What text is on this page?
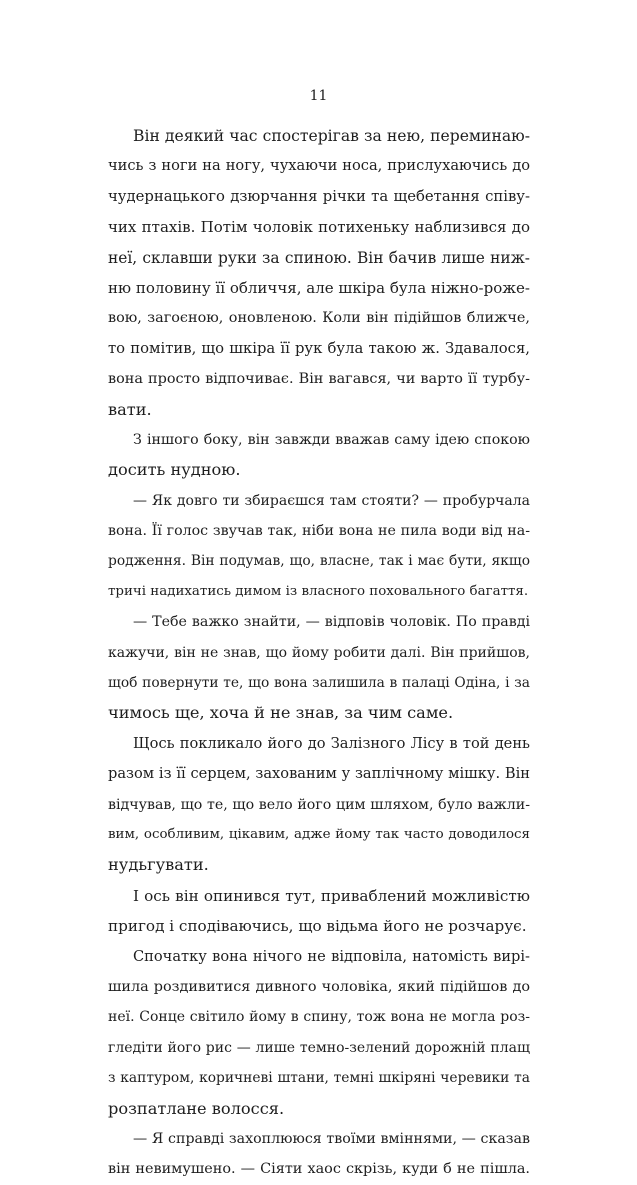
11
Він деякий час спостерігав за нею, переминаю-
чись з ноги на ногу, чухаючи носа, прислухаючись до
чудернацького дзюрчання річки та щебетання співу-
чих птахів. Потім чоловік потихеньку наблизився до
неї, склавши руки за спиною. Він бачив лише ниж-
ню половину її обличчя, але шкіра була ніжно-роже-
вою, загоєною, оновленою. Коли він підійшов ближче,
то помітив, що шкіра її рук була такою ж. Здавалося,
вона просто відпочиває. Він вагався, чи варто її турбу-
вати.
З іншого боку, він завжди вважав саму ідею спокою
досить нудною.
— Як довго ти збираєшся там стояти? — пробурчала
вона. Її голос звучав так, ніби вона не пила води від на-
родження. Він подумав, що, власне, так і має бути, якщо
тричі надихатись димом із власного поховального багаття.
— Тебе важко знайти, — відповів чоловік. По правді
кажучи, він не знав, що йому робити далі. Він прийшов,
щоб повернути те, що вона залишила в палаці Одіна, і за
чимось ще, хоча й не знав, за чим саме.
Щось покликало його до Залізного Лісу в той день
разом із її серцем, захованим у заплічному мішку. Він
відчував, що те, що вело його цим шляхом, було важли-
вим, особливим, цікавим, адже йому так часто доводилося
нудьгувати.
І ось він опинився тут, приваблений можливістю
пригод і сподіваючись, що відьма його не розчарує.
Спочатку вона нічого не відповіла, натомість вирі-
шила роздивитися дивного чоловіка, який підійшов до
неї. Сонце світило йому в спину, тож вона не могла роз-
гледіти його рис — лише темно-зелений дорожній плащ
з каптуром, коричневі штани, темні шкіряні черевики та
розпатлане волосся.
— Я справді захоплююся твоїми вміннями, — сказав
він невимушено. — Сіяти хаос скрізь, куди б не пішла.
